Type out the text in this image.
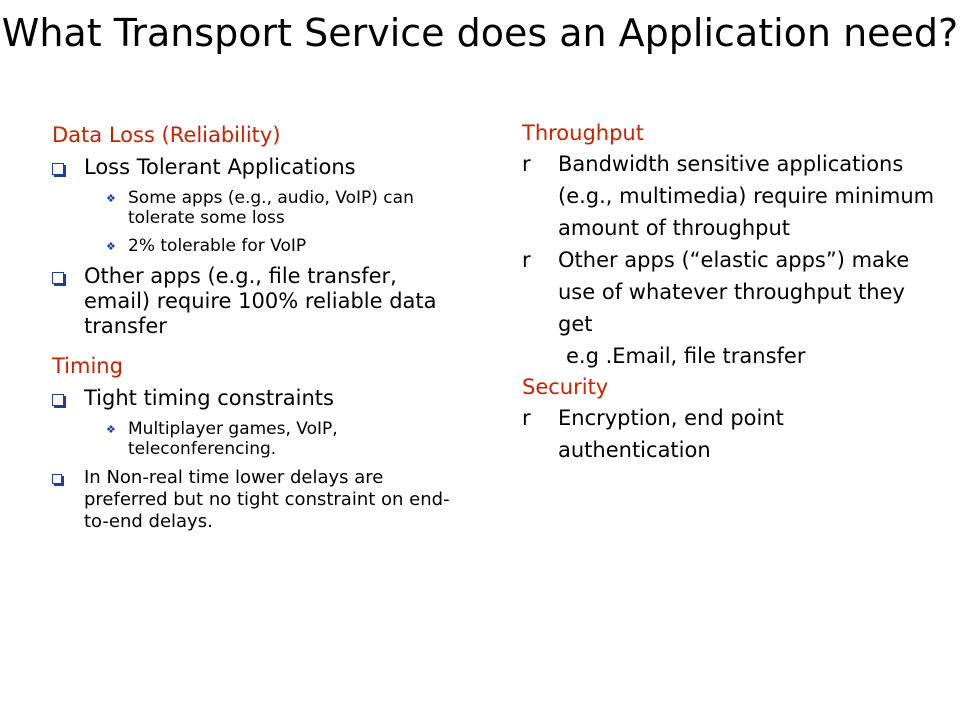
What Transport Service does an Application need?
Data Loss (Reliability)
Loss Tolerant Applications
❖ Some apps (e.g., audio, VoIP) can tolerate some loss
❖ 2% tolerable for VoIP
Other apps (e.g., file transfer, email) require 100% reliable data transfer
Timing
Tight timing constraints
❖ Multiplayer games, VoIP, teleconferencing.
In Non-real time lower delays are preferred but no tight constraint on end-to-end delays.
Throughput
r Bandwidth sensitive applications (e.g., multimedia) require minimum amount of throughput
r Other apps (“elastic apps”) make use of whatever throughput they get
e.g .Email, file transfer
Security
r Encryption, end point authentication
